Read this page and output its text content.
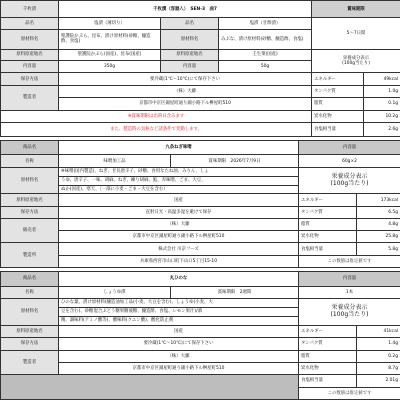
千枚漬	千枚漬（容器入）　SEN-3　曲7			賞味期限	
品名	塩漬（薄切り）	品名	塩漬（甘酢漬）	5～7日間	
原材料名	聖護院かぶら、昆布、漬け原材料(砂糖、醸造酢、食塩)	原材料名	みぶな、漬け原材料(砂糖、醸造酢、食塩)		
原料原産地名	聖護院かぶら(国産)、昆布(国産)	原料原産地名	壬生菜(国産)	栄養成分表示
(100g当たり)	

内容量	350g	内容量	50g		
保存方法	要冷蔵(1℃〜10℃)にて保存下さい			エネルギー	49kcal
製造者	（株）大藤			タンパク質	1.0g
	京都市中京区錦屋町通り錦小路下ル桝屋町510			脂質	0.1g
※賞味期限は出荷日含みます				炭水化物	10.2g
また、製造時の気候など諸条件で変動します。				食塩相当量	2.6g
商品名	九条ねぎ味噌		内容量	
名称	味噌加工品	賞味期限　 2026年7月9日	60g×2	
原材料名	※味噌(国内製造)、ねぎ、甘長唐辛子、砂糖、食用なたね油、みりん、しょ		栄養成分表示
(100g当たり)	

	うゆ、唐辛子、一味、胡麻、ねぎ、練り胡麻、鮭、赤味噌、ごま、大豆、			
	ぬか(国産)、寒天、（一部に小麦・ごま・大豆を含む）			
原料原産地名	国産		エネルギー	173kcal
保存方法	直射日光・高温多湿を避けて保存		タンパク質	6.5g
販売者	（株）大藤		脂質	4.8g
	京都市中京区錦屋町通り錦小路下ル桝屋町510		炭水化物	25.8g
製造所	株式会社 川京フーズ		食塩相当量	5.8g
	兵庫県西宮市山口町下山口5丁目15-10		この数値は推定値です	
商品名	丸ひのな		内容量	
名称	しょうゆ漬	賞味期限　 2週間	1本	
原材料名	ひのな葉、漬け原材料(醸造油加工品(小麦、大豆を含む)、しょうゆ(小麦、大		栄養成分表示
(100g当たり)	

	豆を含む)、砂糖混合ぶどう糖果糖液糖、醸造酢、食塩、レモン果汁)/酒			
	精、調味料(アミノ酸等)、酸味料(クエン酸)、酸化防止剤			
原料原産地名	国産		エネルギー	41kcal
保存方法	要冷蔵(1℃〜10℃)にて保存下さい		タンパク質	1.4g
製造者	（株）大藤		脂質	0.2g
	京都市中京区錦屋町通り錦小路下ル桝屋町510		炭水化物	8.7g
			食塩相当量	2.01g
			この数値は推定値です	
